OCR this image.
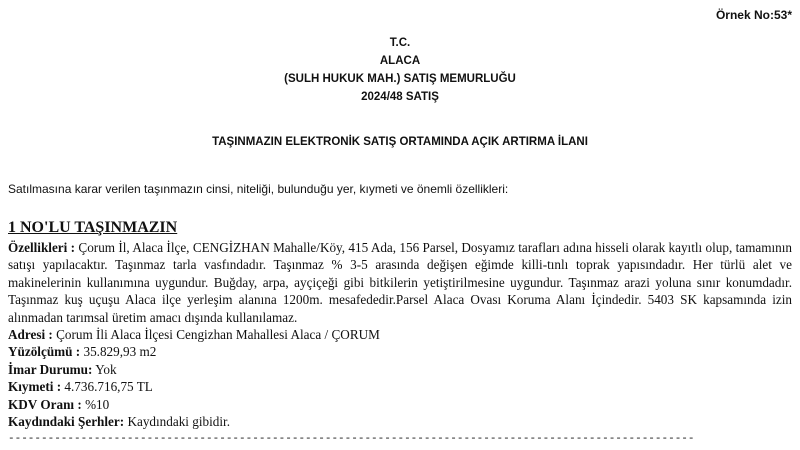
Örnek No:53*
T.C.
ALACA
(SULH HUKUK MAH.) SATIŞ MEMURLUĞU
2024/48 SATIŞ
TAŞINMAZIN ELEKTRONİK SATIŞ ORTAMINDA AÇIK ARTIRMA İLANI
Satılmasına karar verilen taşınmazın cinsi, niteliği, bulunduğu yer, kıymeti ve önemli özellikleri:
1 NO'LU TAŞINMAZIN
Özellikleri : Çorum İl, Alaca İlçe, CENGİZHAN Mahalle/Köy, 415 Ada, 156 Parsel, Dosyamız tarafları adına hisseli olarak kayıtlı olup, tamamının satışı yapılacaktır. Taşınmaz tarla vasfındadır. Taşınmaz % 3-5 arasında değişen eğimde killi-tınlı toprak yapısındadır. Her türlü alet ve makinelerinin kullanımına uygundur. Buğday, arpa, ayçiçeği gibi bitkilerin yetiştirilmesine uygundur. Taşınmaz arazi yoluna sınır konumdadır. Taşınmaz kuş uçuşu Alaca ilçe yerleşim alanına 1200m. mesafededir.Parsel Alaca Ovası Koruma Alanı İçindedir. 5403 SK kapsamında izin alınmadan tarımsal üretim amacı dışında kullanılamaz.
Adresi : Çorum İli Alaca İlçesi Cengizhan Mahallesi Alaca / ÇORUM
Yüzölçümü : 35.829,93 m2
İmar Durumu: Yok
Kıymeti : 4.736.716,75 TL
KDV Oranı : %10
Kaydındaki Şerhler: Kaydındaki gibidir.
--------------------------------------------------------------------------------------------------------
